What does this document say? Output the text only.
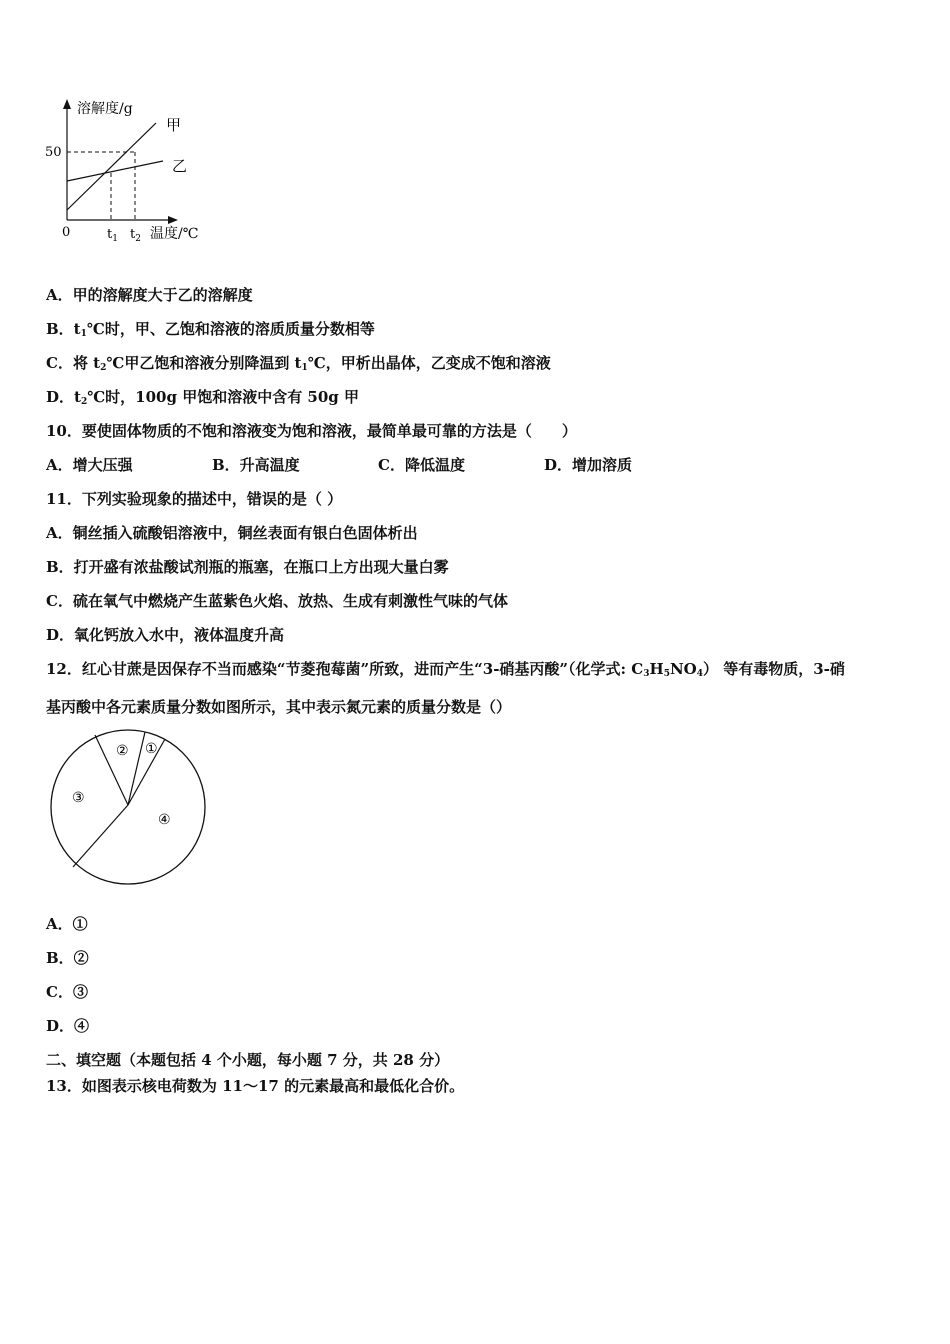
溶解度/g
50
0	$t_1$ $t_2$ 温度/℃
甲
乙
A．甲的溶解度大于乙的溶解度
B．$t_1℃$时，甲、乙饱和溶液的溶质质量分数相等
C．将 $t_2℃$甲乙饱和溶液分别降温到 $t_1℃$，甲析出晶体，乙变成不饱和溶液
D．$t_2℃$时，100g 甲饱和溶液中含有 50g 甲
10．要使固体物质的不饱和溶液变为饱和溶液，最简单最可靠的方法是（　　）
A．增大压强	B．升高温度	C．降低温度	D．增加溶质
11．下列实验现象的描述中，错误的是（ ）
A．铜丝插入硫酸铝溶液中，铜丝表面有银白色固体析出
B．打开盛有浓盐酸试剂瓶的瓶塞，在瓶口上方出现大量白雾
C．硫在氧气中燃烧产生蓝紫色火焰、放热、生成有刺激性气味的气体
D．氧化钙放入水中，液体温度升高
12．红心甘蔗是因保存不当而感染“节菱孢莓菌”所致，进而产生“3-硝基丙酸”（化学式: $C_3H_5NO_4$） 等有毒物质，3-硝
基丙酸中各元素质量分数如图所示，其中表示氮元素的质量分数是（）
①
②
③
④
A．①
B．②
C．③
D．④
二、填空题（本题包括 4 个小题，每小题 7 分，共 28 分）
13．如图表示核电荷数为 11～17 的元素最高和最低化合价。
